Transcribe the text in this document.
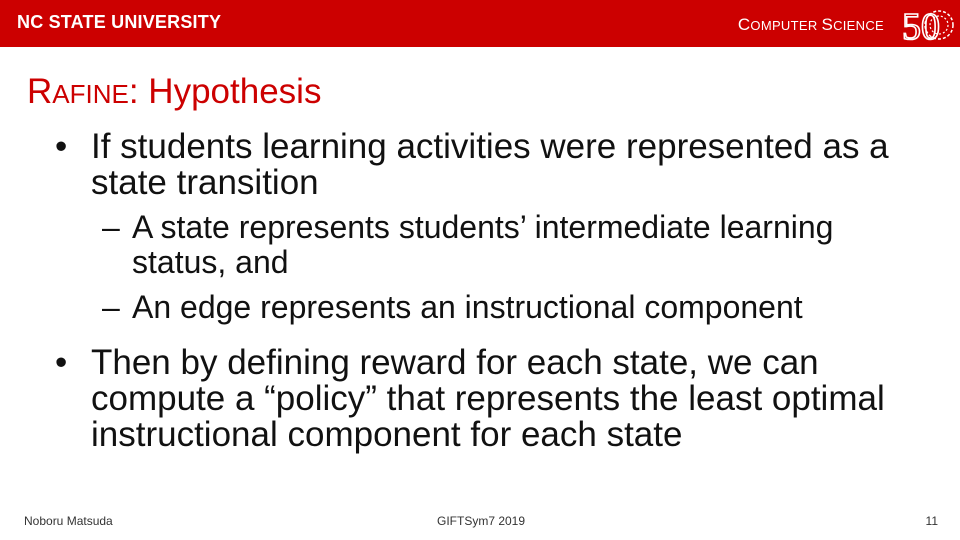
NC STATE UNIVERSITY	COMPUTER SCIENCE 50
RAFINE: Hypothesis
• If students learning activities were represented as a state transition
– A state represents students’ intermediate learning status, and
– An edge represents an instructional component
• Then by defining reward for each state, we can compute a “policy” that represents the least optimal instructional component for each state
Noboru Matsuda	GIFTSym7 2019	11
